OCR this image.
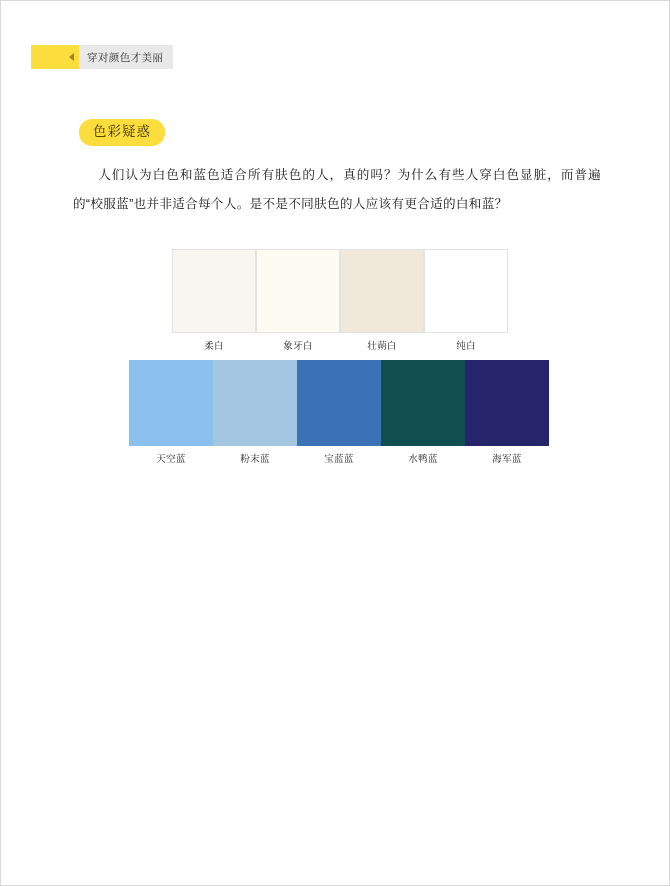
穿对颜色才美丽
色彩疑惑
人们认为白色和蓝色适合所有肤色的人，真的吗？为什么有些人穿白色显脏，而普遍的“校服蓝”也并非适合每个人。是不是不同肤色的人应该有更合适的白和蓝？
柔白	象牙白	壮蒴白	纯白
天空蓝	粉末蓝	宝蓝蓝	水鸭蓝	海军蓝
